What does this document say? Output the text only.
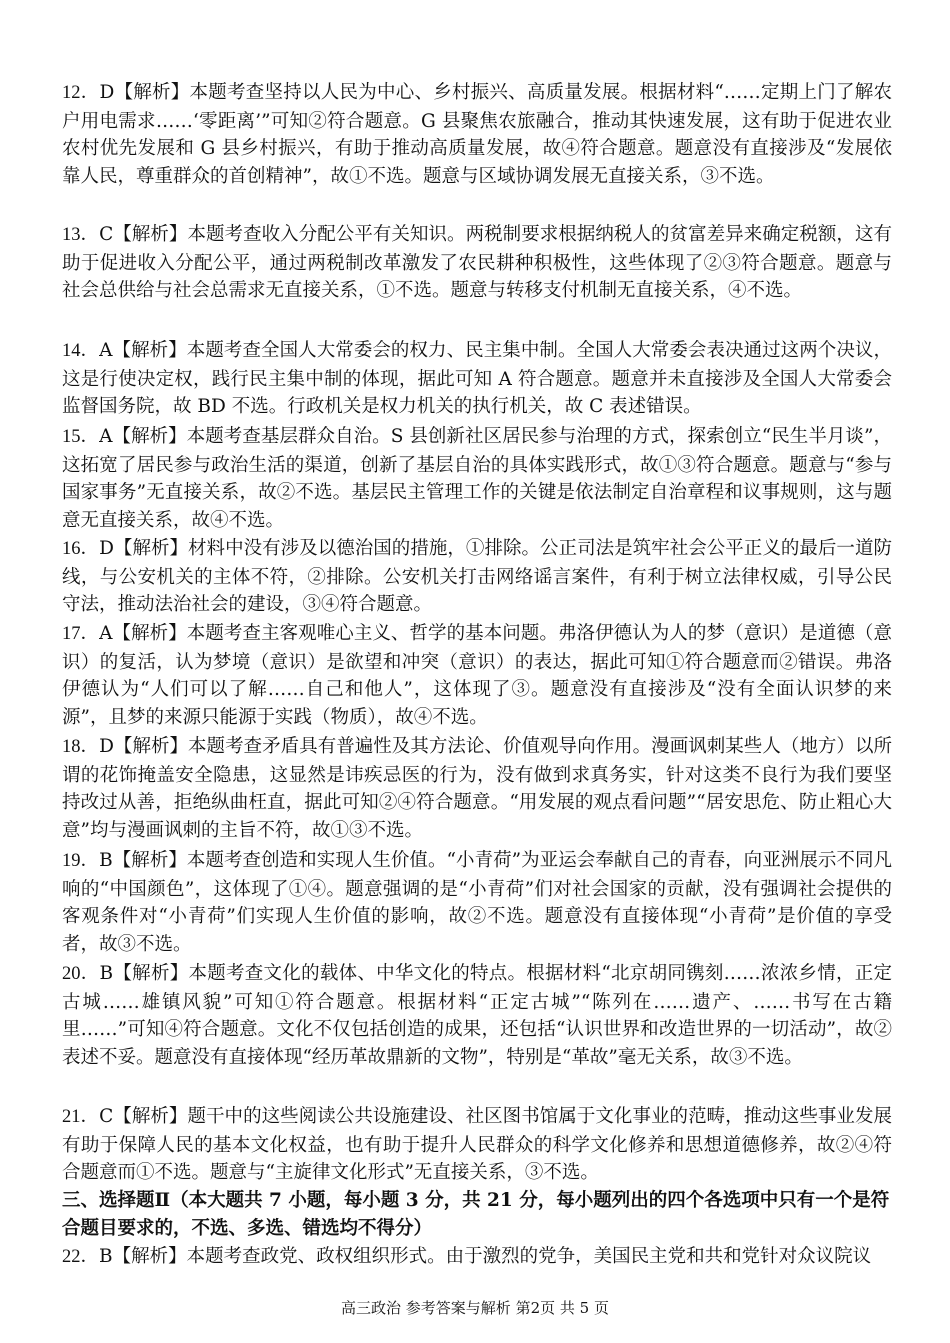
12．D【解析】本题考查坚持以人民为中心、乡村振兴、高质量发展。根据材料“……定期上门了解农户用电需求……‘零距离’”可知②符合题意。G 县聚焦农旅融合，推动其快速发展，这有助于促进农业农村优先发展和 G 县乡村振兴，有助于推动高质量发展，故④符合题意。题意没有直接涉及“发展依靠人民，尊重群众的首创精神”，故①不选。题意与区域协调发展无直接关系，③不选。
13．C【解析】本题考查收入分配公平有关知识。两税制要求根据纳税人的贫富差异来确定税额，这有助于促进收入分配公平，通过两税制改革激发了农民耕种积极性，这些体现了②③符合题意。题意与社会总供给与社会总需求无直接关系，①不选。题意与转移支付机制无直接关系，④不选。
14．A【解析】本题考查全国人大常委会的权力、民主集中制。全国人大常委会表决通过这两个决议，这是行使决定权，践行民主集中制的体现，据此可知 A 符合题意。题意并未直接涉及全国人大常委会监督国务院，故 BD 不选。行政机关是权力机关的执行机关，故 C 表述错误。
15．A【解析】本题考查基层群众自治。S 县创新社区居民参与治理的方式，探索创立“民生半月谈”，这拓宽了居民参与政治生活的渠道，创新了基层自治的具体实践形式，故①③符合题意。题意与“参与国家事务”无直接关系，故②不选。基层民主管理工作的关键是依法制定自治章程和议事规则，这与题意无直接关系，故④不选。
16．D【解析】材料中没有涉及以德治国的措施，①排除。公正司法是筑牢社会公平正义的最后一道防线，与公安机关的主体不符，②排除。公安机关打击网络谣言案件，有利于树立法律权威，引导公民守法，推动法治社会的建设，③④符合题意。
17．A【解析】本题考查主客观唯心主义、哲学的基本问题。弗洛伊德认为人的梦（意识）是道德（意识）的复活，认为梦境（意识）是欲望和冲突（意识）的表达，据此可知①符合题意而②错误。弗洛伊德认为“人们可以了解……自己和他人”，这体现了③。题意没有直接涉及“没有全面认识梦的来源”，且梦的来源只能源于实践（物质），故④不选。
18．D【解析】本题考查矛盾具有普遍性及其方法论、价值观导向作用。漫画讽刺某些人（地方）以所谓的花饰掩盖安全隐患，这显然是讳疾忌医的行为，没有做到求真务实，针对这类不良行为我们要坚持改过从善，拒绝纵曲枉直，据此可知②④符合题意。“用发展的观点看问题”“居安思危、防止粗心大意”均与漫画讽刺的主旨不符，故①③不选。
19．B【解析】本题考查创造和实现人生价值。“小青荷”为亚运会奉献自己的青春，向亚洲展示不同凡响的“中国颜色”，这体现了①④。题意强调的是“小青荷”们对社会国家的贡献，没有强调社会提供的客观条件对“小青荷”们实现人生价值的影响，故②不选。题意没有直接体现“小青荷”是价值的享受者，故③不选。
20．B【解析】本题考查文化的载体、中华文化的特点。根据材料“北京胡同镌刻……浓浓乡情，正定古城……雄镇风貌”可知①符合题意。根据材料“正定古城”“陈列在……遗产、……书写在古籍里……”可知④符合题意。文化不仅包括创造的成果，还包括“认识世界和改造世界的一切活动”，故②表述不妥。题意没有直接体现“经历革故鼎新的文物”，特别是“革故”毫无关系，故③不选。
21．C【解析】题干中的这些阅读公共设施建设、社区图书馆属于文化事业的范畴，推动这些事业发展有助于保障人民的基本文化权益，也有助于提升人民群众的科学文化修养和思想道德修养，故②④符合题意而①不选。题意与“主旋律文化形式”无直接关系，③不选。
三、选择题Ⅱ（本大题共 7 小题，每小题 3 分，共 21 分，每小题列出的四个各选项中只有一个是符合题目要求的，不选、多选、错选均不得分）
22．B【解析】本题考查政党、政权组织形式。由于激烈的党争，美国民主党和共和党针对众议院议
高三政治 参考答案与解析 第2页 共 5 页
